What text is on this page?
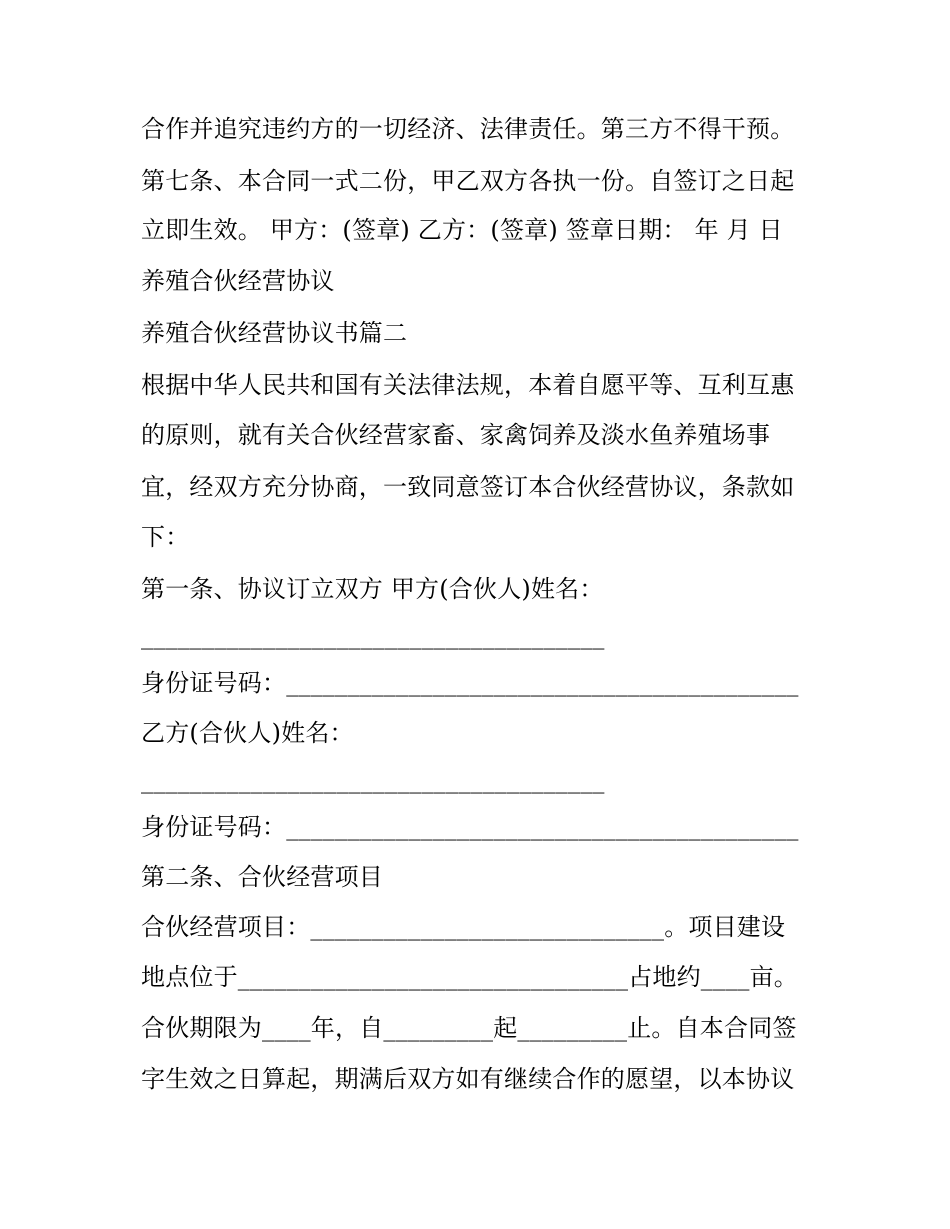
合作并追究违约方的一切经济、法律责任。第三方不得干预。
第七条、本合同一式二份，甲乙双方各执一份。自签订之日起
立即生效。 甲方：(签章) 乙方：(签章) 签章日期： 年 月 日
养殖合伙经营协议
养殖合伙经营协议书篇二
根据中华人民共和国有关法律法规，本着自愿平等、互利互惠
的原则，就有关合伙经营家畜、家禽饲养及淡水鱼养殖场事
宜，经双方充分协商，一致同意签订本合伙经营协议，条款如
下：
第一条、协议订立双方 甲方(合伙人)姓名：
______________________________________
身份证号码：__________________________________________
乙方(合伙人)姓名：
______________________________________
身份证号码：__________________________________________
第二条、合伙经营项目
合伙经营项目：_____________________________。项目建设
地点位于________________________________占地约____亩。
合伙期限为____年，自_________起_________止。自本合同签
字生效之日算起，期满后双方如有继续合作的愿望，以本协议
